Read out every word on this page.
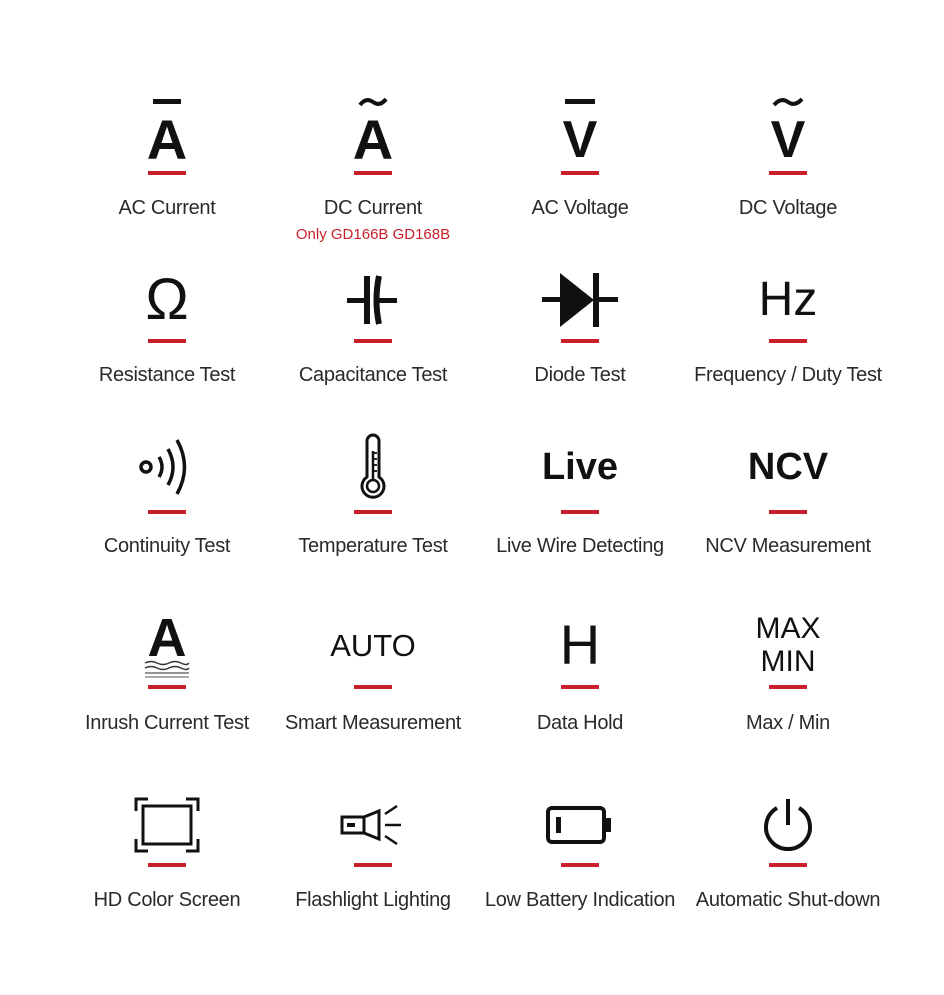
A
AC Current
A
DC Current
Only GD166B GD168B
V
AC Voltage
V
DC Voltage
Ω
Resistance Test	Capacitance Test	Diode Test
Hz
Frequency / Duty Test
Continuity Test	Temperature Test
Live
Live Wire Detecting
NCV
NCV Measurement
A
Inrush Current Test
AUTO
Smart Measurement
H
Data Hold
MAX
MIN
Max / Min
HD Color Screen	Flashlight Lighting	Low Battery Indication	Automatic Shut-down
